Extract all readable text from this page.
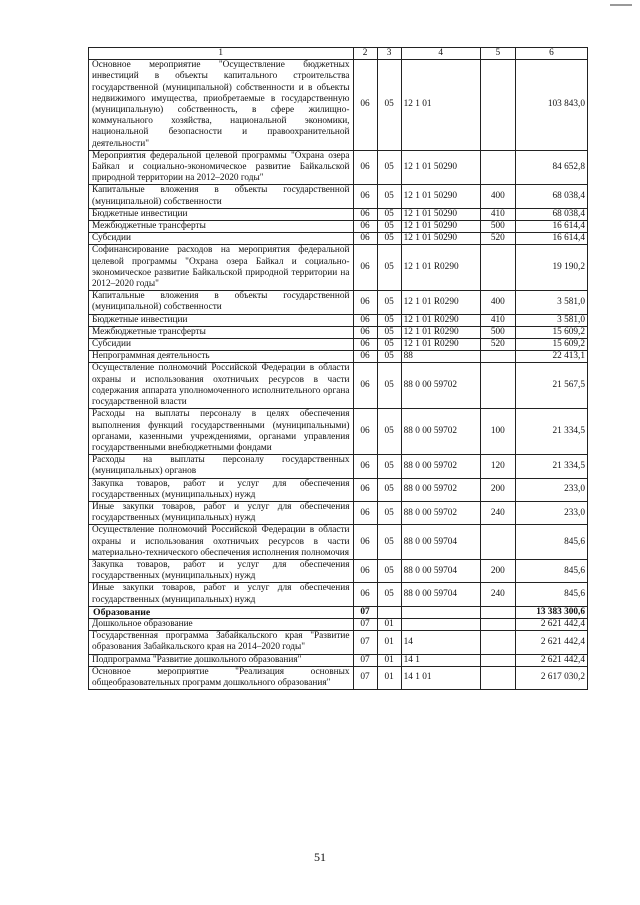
1	2	3	4	5	6
Основное мероприятие "Осуществление бюджетных инвестиций в объекты капитального строительства государственной (муниципальной) собственности и в объекты недвижимого имущества, приобретаемые в государственную (муниципальную) собственность, в сфере жилищно-коммунального хозяйства, национальной экономики, национальной безопасности и правоохранительной деятельности"	06	05	12 1 01		103 843,0
Мероприятия федеральной целевой программы "Охрана озера Байкал и социально-экономическое развитие Байкальской природной территории на 2012–2020 годы"	06	05	12 1 01 50290		84 652,8
Капитальные вложения в объекты государственной (муниципальной) собственности	06	05	12 1 01 50290	400	68 038,4
Бюджетные инвестиции	06	05	12 1 01 50290	410	68 038,4
Межбюджетные трансферты	06	05	12 1 01 50290	500	16 614,4
Субсидии	06	05	12 1 01 50290	520	16 614,4
Софинансирование расходов на мероприятия федеральной целевой программы "Охрана озера Байкал и социально-экономическое развитие Байкальской природной территории на 2012–2020 годы"	06	05	12 1 01 R0290		19 190,2
Капитальные вложения в объекты государственной (муниципальной) собственности	06	05	12 1 01 R0290	400	3 581,0
Бюджетные инвестиции	06	05	12 1 01 R0290	410	3 581,0
Межбюджетные трансферты	06	05	12 1 01 R0290	500	15 609,2
Субсидии	06	05	12 1 01 R0290	520	15 609,2
Непрограммная деятельность	06	05	88		22 413,1
Осуществление полномочий Российской Федерации в области охраны и использования охотничьих ресурсов в части содержания аппарата уполномоченного исполнительного органа государственной власти	06	05	88 0 00 59702		21 567,5
Расходы на выплаты персоналу в целях обеспечения выполнения функций государственными (муниципальными) органами, казенными учреждениями, органами управления государственными внебюджетными фондами	06	05	88 0 00 59702	100	21 334,5
Расходы на выплаты персоналу государственных (муниципальных) органов	06	05	88 0 00 59702	120	21 334,5
Закупка товаров, работ и услуг для обеспечения государственных (муниципальных) нужд	06	05	88 0 00 59702	200	233,0
Иные закупки товаров, работ и услуг для обеспечения государственных (муниципальных) нужд	06	05	88 0 00 59702	240	233,0
Осуществление полномочий Российской Федерации в области охраны и использования охотничьих ресурсов в части материально-технического обеспечения исполнения полномочия	06	05	88 0 00 59704		845,6
Закупка товаров, работ и услуг для обеспечения государственных (муниципальных) нужд	06	05	88 0 00 59704	200	845,6
Иные закупки товаров, работ и услуг для обеспечения государственных (муниципальных) нужд	06	05	88 0 00 59704	240	845,6
Образование	07				13 383 300,6
Дошкольное образование	07	01			2 621 442,4
Государственная программа Забайкальского края "Развитие образования Забайкальского края на 2014–2020 годы"	07	01	14		2 621 442,4
Подпрограмма "Развитие дошкольного образования"	07	01	14 1		2 621 442,4
Основное мероприятие "Реализация основных общеобразовательных программ дошкольного образования"	07	01	14 1 01		2 617 030,2
51
